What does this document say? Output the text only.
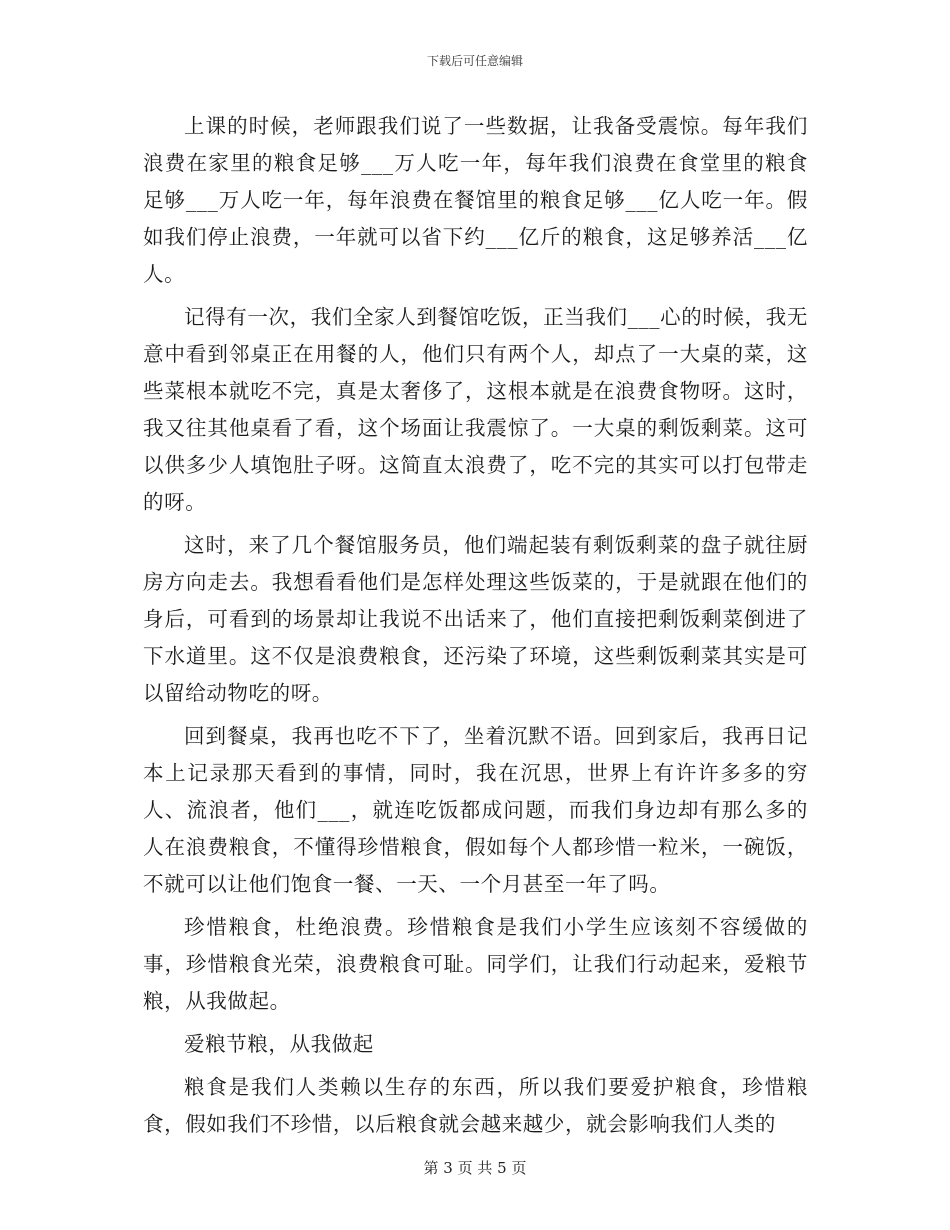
下载后可任意编辑

上课的时候，老师跟我们说了一些数据，让我备受震惊。每年我们浪费在家里的粮食足够___万人吃一年，每年我们浪费在食堂里的粮食足够___万人吃一年，每年浪费在餐馆里的粮食足够___亿人吃一年。假如我们停止浪费，一年就可以省下约___亿斤的粮食，这足够养活___亿人。

记得有一次，我们全家人到餐馆吃饭，正当我们___心的时候，我无意中看到邻桌正在用餐的人，他们只有两个人，却点了一大桌的菜，这些菜根本就吃不完，真是太奢侈了，这根本就是在浪费食物呀。这时，我又往其他桌看了看，这个场面让我震惊了。一大桌的剩饭剩菜。这可以供多少人填饱肚子呀。这简直太浪费了，吃不完的其实可以打包带走的呀。

这时，来了几个餐馆服务员，他们端起装有剩饭剩菜的盘子就往厨房方向走去。我想看看他们是怎样处理这些饭菜的，于是就跟在他们的身后，可看到的场景却让我说不出话来了，他们直接把剩饭剩菜倒进了下水道里。这不仅是浪费粮食，还污染了环境，这些剩饭剩菜其实是可以留给动物吃的呀。

回到餐桌，我再也吃不下了，坐着沉默不语。回到家后，我再日记本上记录那天看到的事情，同时，我在沉思，世界上有许许多多的穷人、流浪者，他们___，就连吃饭都成问题，而我们身边却有那么多的人在浪费粮食，不懂得珍惜粮食，假如每个人都珍惜一粒米，一碗饭，不就可以让他们饱食一餐、一天、一个月甚至一年了吗。

珍惜粮食，杜绝浪费。珍惜粮食是我们小学生应该刻不容缓做的事，珍惜粮食光荣，浪费粮食可耻。同学们，让我们行动起来，爱粮节粮，从我做起。

爱粮节粮，从我做起

粮食是我们人类赖以生存的东西，所以我们要爱护粮食，珍惜粮食，假如我们不珍惜，以后粮食就会越来越少，就会影响我们人类的

第 3 页 共 5 页
